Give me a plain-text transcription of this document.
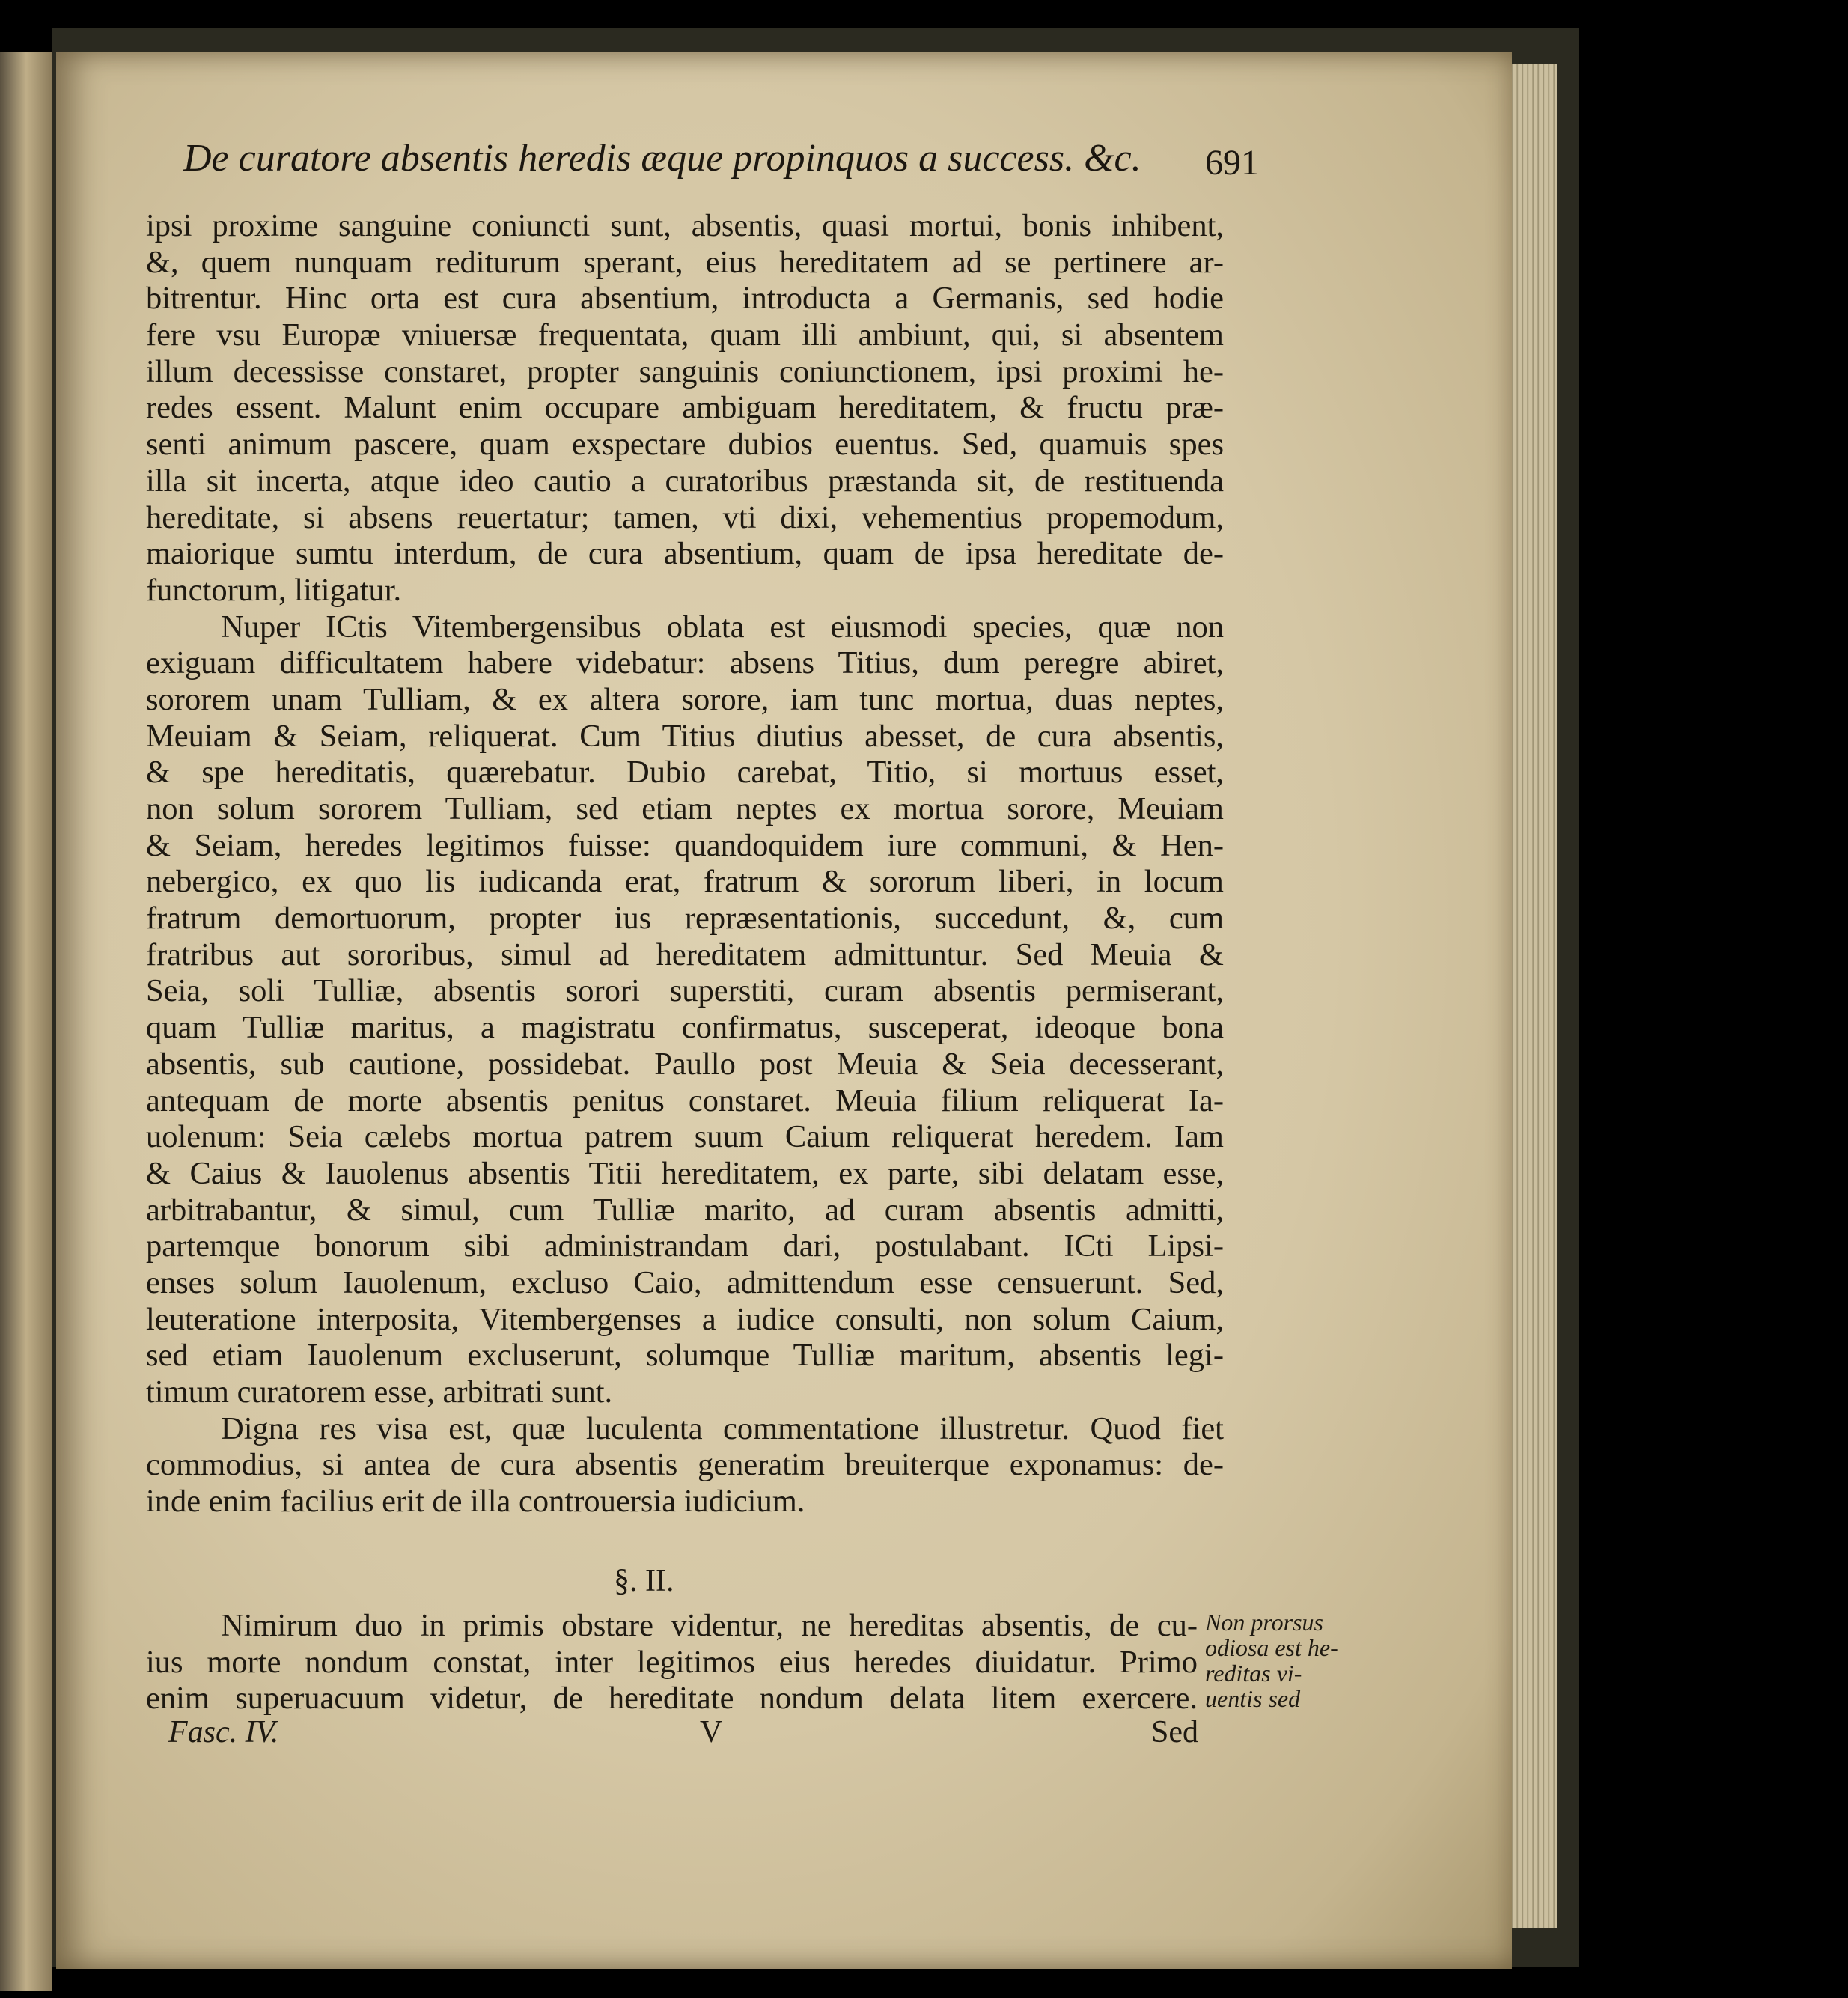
De curatore absentis heredis æque propinquos a success. &c. 691
ipsi proxime sanguine coniuncti sunt, absentis, quasi mortui, bonis inhibent,
&, quem nunquam rediturum sperant, eius hereditatem ad se pertinere ar-
bitrentur. Hinc orta est cura absentium, introducta a Germanis, sed hodie
fere vsu Europæ vniuersæ frequentata, quam illi ambiunt, qui, si absentem
illum decessisse constaret, propter sanguinis coniunctionem, ipsi proximi he-
redes essent. Malunt enim occupare ambiguam hereditatem, & fructu præ-
senti animum pascere, quam exspectare dubios euentus. Sed, quamuis spes
illa sit incerta, atque ideo cautio a curatoribus præstanda sit, de restituenda
hereditate, si absens reuertatur; tamen, vti dixi, vehementius propemodum,
maiorique sumtu interdum, de cura absentium, quam de ipsa hereditate de-
functorum, litigatur.
Nuper ICtis Vitembergensibus oblata est eiusmodi species, quæ non
exiguam difficultatem habere videbatur: absens Titius, dum peregre abiret,
sororem unam Tulliam, & ex altera sorore, iam tunc mortua, duas neptes,
Meuiam & Seiam, reliquerat. Cum Titius diutius abesset, de cura absentis,
& spe hereditatis, quærebatur. Dubio carebat, Titio, si mortuus esset,
non solum sororem Tulliam, sed etiam neptes ex mortua sorore, Meuiam
& Seiam, heredes legitimos fuisse: quandoquidem iure communi, & Hen-
nebergico, ex quo lis iudicanda erat, fratrum & sororum liberi, in locum
fratrum demortuorum, propter ius repræsentationis, succedunt, &, cum
fratribus aut sororibus, simul ad hereditatem admittuntur. Sed Meuia &
Seia, soli Tulliæ, absentis sorori superstiti, curam absentis permiserant,
quam Tulliæ maritus, a magistratu confirmatus, susceperat, ideoque bona
absentis, sub cautione, possidebat. Paullo post Meuia & Seia decesserant,
antequam de morte absentis penitus constaret. Meuia filium reliquerat Ia-
uolenum: Seia cælebs mortua patrem suum Caium reliquerat heredem. Iam
& Caius & Iauolenus absentis Titii hereditatem, ex parte, sibi delatam esse,
arbitrabantur, & simul, cum Tulliæ marito, ad curam absentis admitti,
partemque bonorum sibi administrandam dari, postulabant. ICti Lipsi-
enses solum Iauolenum, excluso Caio, admittendum esse censuerunt. Sed,
leuteratione interposita, Vitembergenses a iudice consulti, non solum Caium,
sed etiam Iauolenum excluserunt, solumque Tulliæ maritum, absentis legi-
timum curatorem esse, arbitrati sunt.
Digna res visa est, quæ luculenta commentatione illustretur. Quod fiet
commodius, si antea de cura absentis generatim breuiterque exponamus: de-
inde enim facilius erit de illa controuersia iudicium.
§. II.
Nimirum duo in primis obstare videntur, ne hereditas absentis, de cu-
ius morte nondum constat, inter legitimos eius heredes diuidatur. Primo
enim superuacuum videtur, de hereditate nondum delata litem exercere.
Non prorsus
odiosa est he-
reditas vi-
uentis sed
Fasc. IV.	V	Sed
